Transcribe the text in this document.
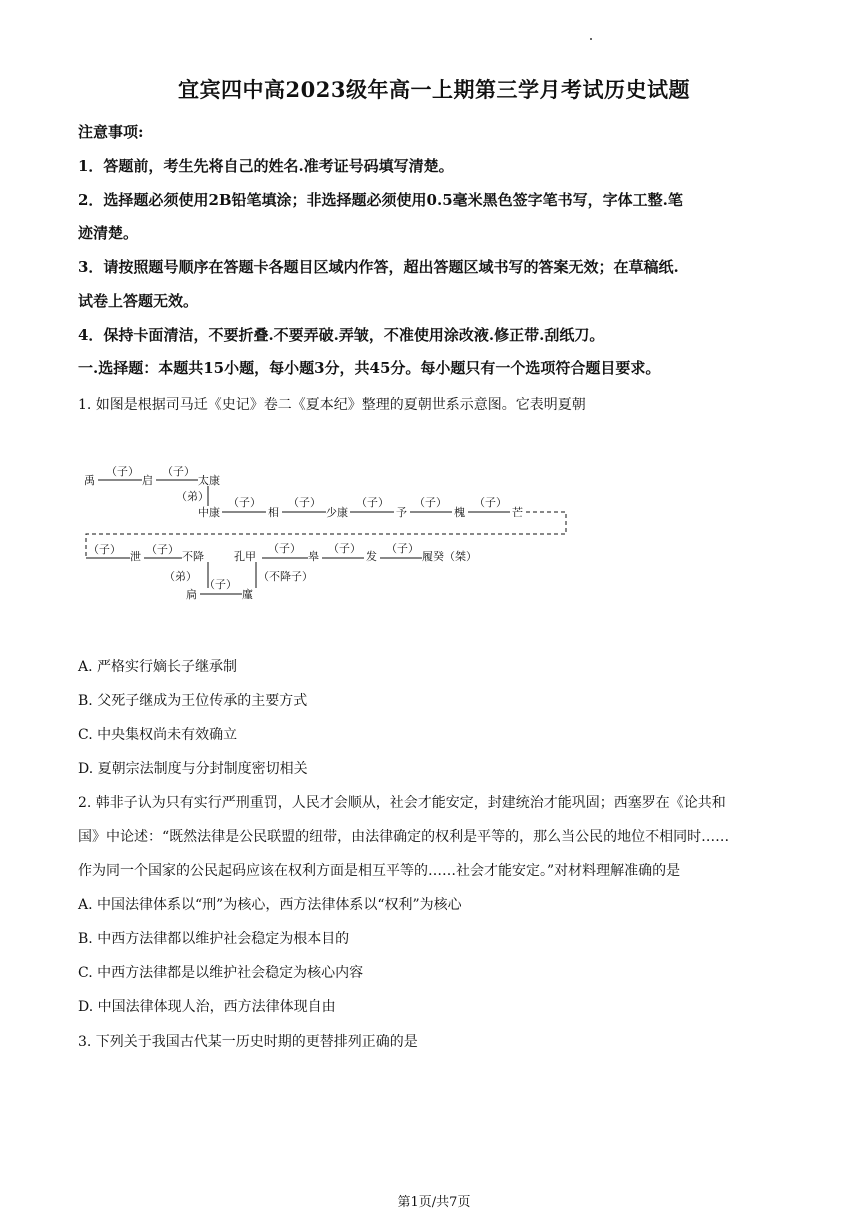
宜宾四中高2023级年高一上期第三学月考试历史试题
注意事项:
1．答题前，考生先将自己的姓名.准考证号码填写清楚。
2．选择题必须使用2B铅笔填涂；非选择题必须使用0.5毫米黑色签字笔书写，字体工整.笔
迹清楚。
3．请按照题号顺序在答题卡各题目区域内作答，超出答题区域书写的答案无效；在草稿纸.
试卷上答题无效。
4．保持卡面清洁，不要折叠.不要弄破.弄皱，不准使用涂改液.修正带.刮纸刀。
一.选择题：本题共15小题，每小题3分，共45分。每小题只有一个选项符合题目要求。
1. 如图是根据司马迁《史记》卷二《夏本纪》整理的夏朝世系示意图。它表明夏朝
禹
（子）
启
（子）
太康
（弟）
中康
（子）
相
（子）
少康
（子）
予
（子）
槐
（子）
芒
（子）
泄
（子）
不降
（弟）
孔甲
（不降子）
（子）
皋
（子）
发
（子）
履癸（桀）
扃
（子）
廑
A. 严格实行嫡长子继承制
B. 父死子继成为王位传承的主要方式
C. 中央集权尚未有效确立
D. 夏朝宗法制度与分封制度密切相关
2. 韩非子认为只有实行严刑重罚，人民才会顺从，社会才能安定，封建统治才能巩固；西塞罗在《论共和
国》中论述：“既然法律是公民联盟的纽带，由法律确定的权利是平等的，那么当公民的地位不相同时……
作为同一个国家的公民起码应该在权利方面是相互平等的……社会才能安定。”对材料理解准确的是
A. 中国法律体系以“刑”为核心，西方法律体系以“权利”为核心
B. 中西方法律都以维护社会稳定为根本目的
C. 中西方法律都是以维护社会稳定为核心内容
D. 中国法律体现人治，西方法律体现自由
3. 下列关于我国古代某一历史时期的更替排列正确的是
第1页/共7页
